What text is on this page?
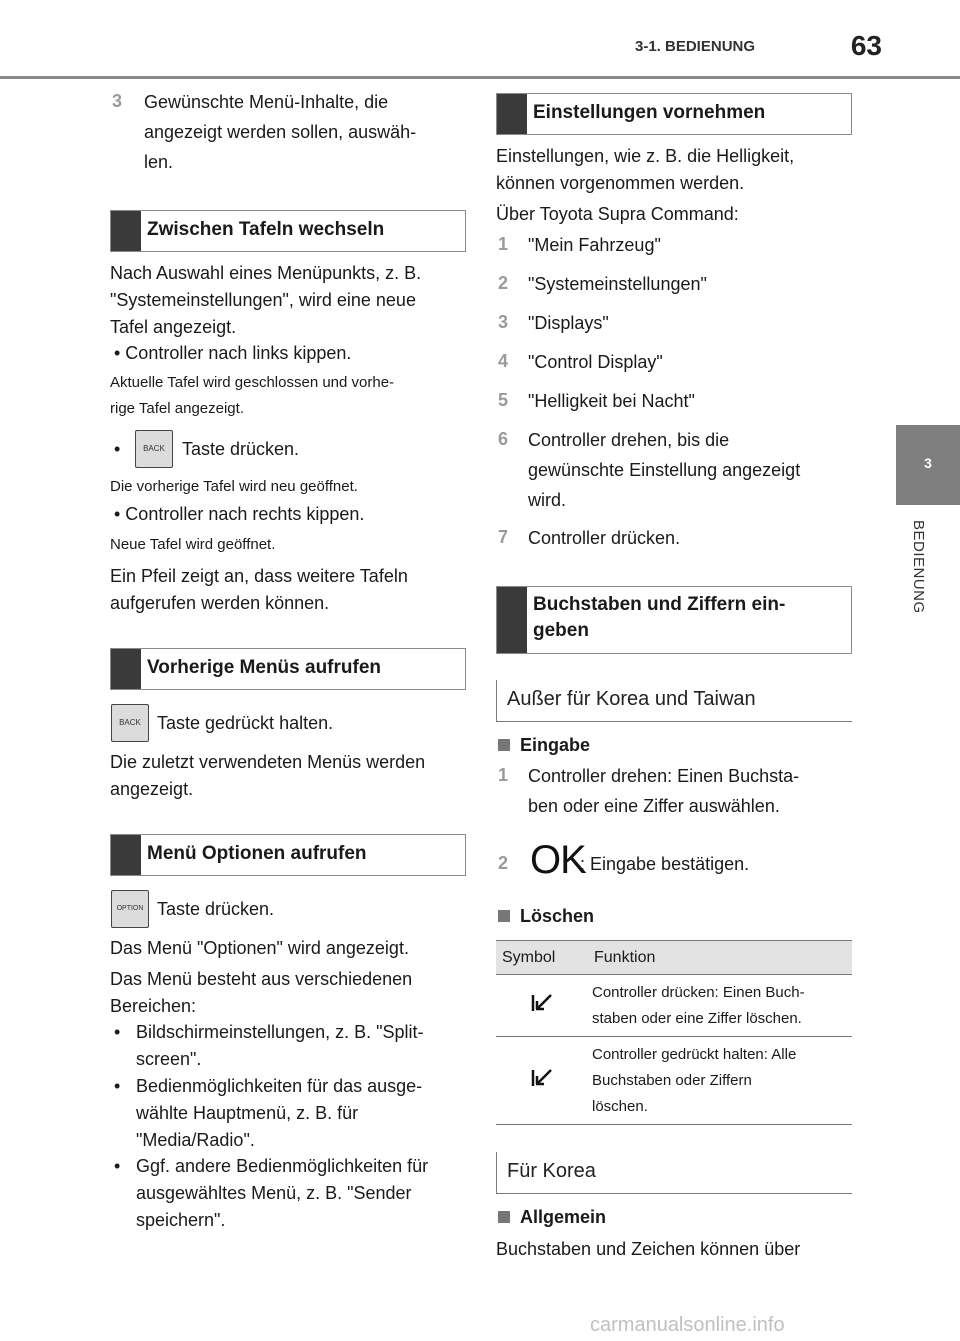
3-1. BEDIENUNG	63
3
BEDIENUNG
3 Gewünschte Menü-Inhalte, die
angezeigt werden sollen, auswäh-
len.
Zwischen Tafeln wechseln
Nach Auswahl eines Menüpunkts, z. B.
"Systemeinstellungen", wird eine neue
Tafel angezeigt.
• Controller nach links kippen.
Aktuelle Tafel wird geschlossen und vorhe-
rige Tafel angezeigt.
•	BACK Taste drücken.
Die vorherige Tafel wird neu geöffnet.
• Controller nach rechts kippen.
Neue Tafel wird geöffnet.
Ein Pfeil zeigt an, dass weitere Tafeln
aufgerufen werden können.
Vorherige Menüs aufrufen
BACK Taste gedrückt halten.
Die zuletzt verwendeten Menüs werden
angezeigt.
Menü Optionen aufrufen
OPTION Taste drücken.
Das Menü "Optionen" wird angezeigt.
Das Menü besteht aus verschiedenen
Bereichen:
• Bildschirmeinstellungen, z. B. "Split-
screen".
• Bedienmöglichkeiten für das ausge-
wählte Hauptmenü, z. B. für
"Media/Radio".
• Ggf. andere Bedienmöglichkeiten für
ausgewähltes Menü, z. B. "Sender
speichern".
Einstellungen vornehmen
Einstellungen, wie z. B. die Helligkeit,
können vorgenommen werden.
Über Toyota Supra Command:
1 "Mein Fahrzeug"
2 "Systemeinstellungen"
3 "Displays"
4 "Control Display"
5 "Helligkeit bei Nacht"
6 Controller drehen, bis die
gewünschte Einstellung angezeigt
wird.
7 Controller drücken.
Buchstaben und Ziffern ein-
geben
Außer für Korea und Taiwan
Eingabe
1 Controller drehen: Einen Buchsta-
ben oder eine Ziffer auswählen.
2 OK
: Eingabe bestätigen.
Löschen
Symbol	Funktion

Controller drücken: Einen Buch-
staben oder eine Ziffer löschen.

Controller gedrückt halten: Alle
Buchstaben oder Ziffern
löschen.
Für Korea
Allgemein
Buchstaben und Zeichen können über
carmanualsonline.info
